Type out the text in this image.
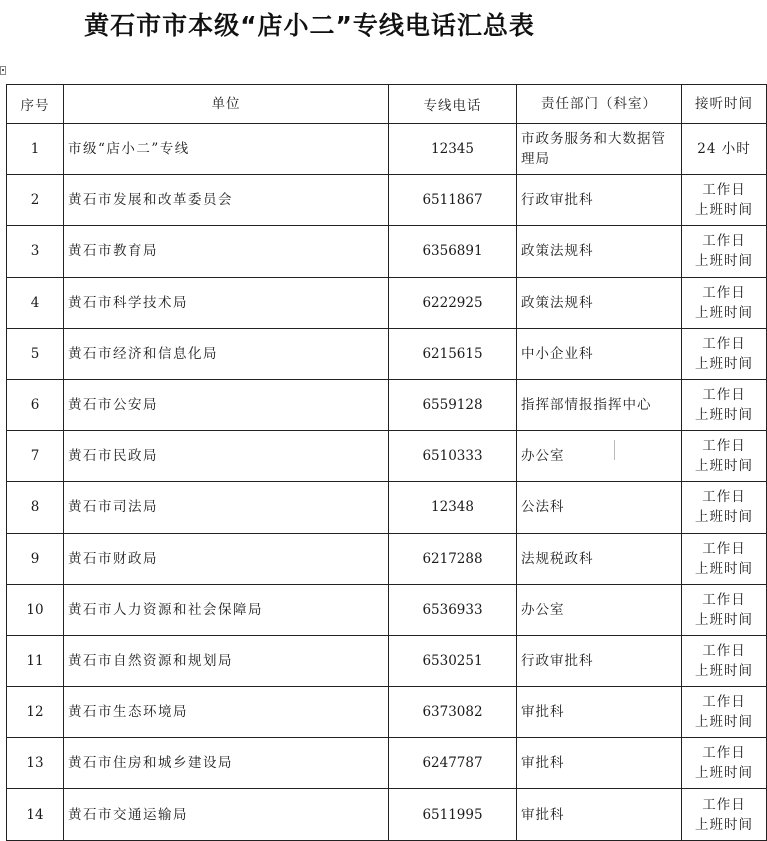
黄石市市本级“店小二”专线电话汇总表
序号	单位	专线电话	责任部门（科室）	接听时间
1	市级“店小二”专线	12345	市政务服务和大数据管理局	24 小时

2	黄石市发展和改革委员会	6511867	行政审批科	工作日
上班时间

3	黄石市教育局	6356891	政策法规科	工作日
上班时间

4	黄石市科学技术局	6222925	政策法规科	工作日
上班时间

5	黄石市经济和信息化局	6215615	中小企业科	工作日
上班时间

6	黄石市公安局	6559128	指挥部情报指挥中心	工作日
上班时间

7	黄石市民政局	6510333	办公室	工作日
上班时间

8	黄石市司法局	12348	公法科	工作日
上班时间

9	黄石市财政局	6217288	法规税政科	工作日
上班时间

10	黄石市人力资源和社会保障局	6536933	办公室	工作日
上班时间

11	黄石市自然资源和规划局	6530251	行政审批科	工作日
上班时间

12	黄石市生态环境局	6373082	审批科	工作日
上班时间

13	黄石市住房和城乡建设局	6247787	审批科	工作日
上班时间

14	黄石市交通运输局	6511995	审批科	工作日
上班时间
